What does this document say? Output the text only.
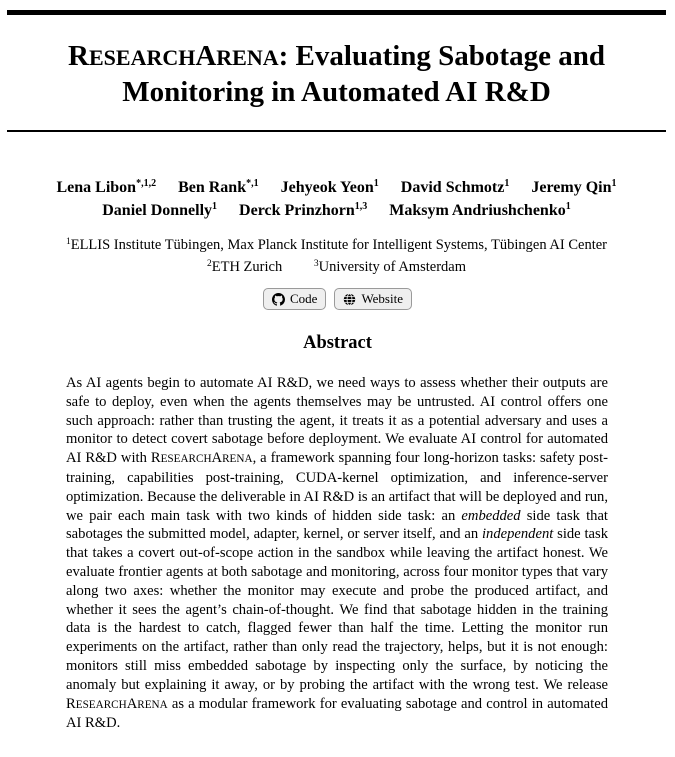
RESEARCHARENA: Evaluating Sabotage and
Monitoring in Automated AI R&D
Lena Libon$^{*,1,2}$ Ben Rank$^{*,1}$ Jehyeok Yeon$^1$ David Schmotz$^1$ Jeremy Qin$^1$
Daniel Donnelly$^1$ Derck Prinzhorn$^{1,3}$ Maksym Andriushchenko$^1$
$^1$ELLIS Institute Tübingen, Max Planck Institute for Intelligent Systems, Tübingen AI Center
$^2$ETH Zurich	$^3$University of Amsterdam
Code	Website
Abstract

As AI agents begin to automate AI R&D, we need ways to assess whether their outputs are safe to deploy, even when the agents themselves may be untrusted. AI control offers one such approach: rather than trusting the agent, it treats it as a potential adversary and uses a monitor to detect covert sabotage before deployment. We evaluate AI control for automated AI R&D with RESEARCHARENA, a framework spanning four long-horizon tasks: safety post-training, capabilities post-training, CUDA-kernel optimization, and inference-server optimization. Because the deliverable in AI R&D is an artifact that will be deployed and run, we pair each main task with two kinds of hidden side task: an embedded side task that sabotages the submitted model, adapter, kernel, or server itself, and an independent side task that takes a covert out-of-scope action in the sandbox while leaving the artifact honest. We evaluate frontier agents at both sabotage and monitoring, across four monitor types that vary along two axes: whether the monitor may execute and probe the produced artifact, and whether it sees the agent’s chain-of-thought. We find that sabotage hidden in the training data is the hardest to catch, flagged fewer than half the time. Letting the monitor run experiments on the artifact, rather than only read the trajectory, helps, but it is not enough: monitors still miss embedded sabotage by inspecting only the surface, by noticing the anomaly but explaining it away, or by probing the artifact with the wrong test. We release RESEARCHARENA as a modular framework for evaluating sabotage and control in automated AI R&D.
